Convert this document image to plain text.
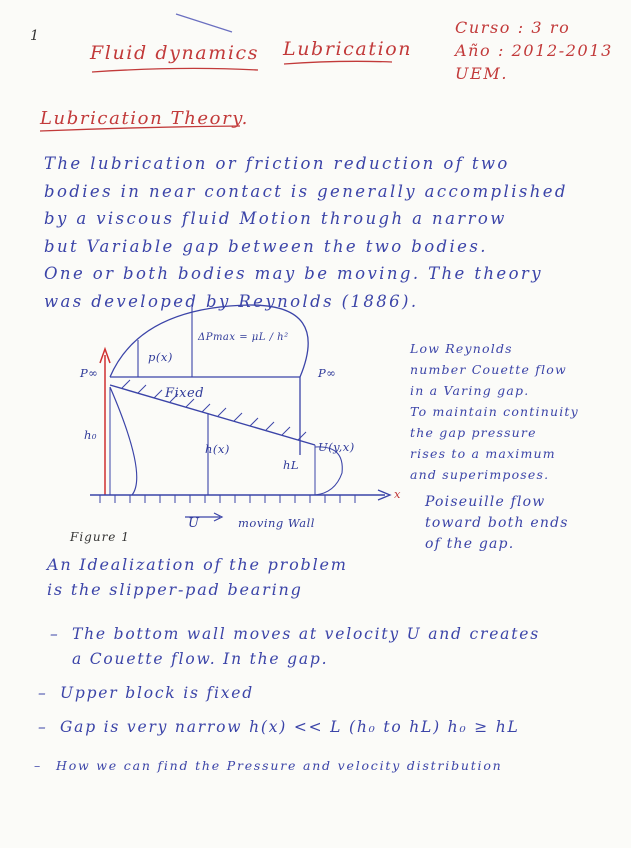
1
Fluid dynamics Lubrication
Curso : 3 ro
Año : 2012-2013
UEM.
Lubrication Theory.
The lubrication or friction reduction of two
bodies in near contact is generally accomplished
by a viscous fluid Motion through a narrow
but Variable gap between the two bodies.
One or both bodies may be moving. The theory
was developed by Reynolds (1886).
P∞	P∞
p(x)
ΔPmax = μL / h²
Fixed
h₀
h(x)
hL
U(y,x)
x
U	moving Wall
Low Reynolds
number Couette flow
in a Varing gap.
To maintain continuity
the gap pressure
rises to a maximum
and superimposes.
Poiseuille flow
toward both ends
of the gap.
Figure 1
An Idealization of the problem
is the slipper-pad bearing
– The bottom wall moves at velocity U and creates
a Couette flow. In the gap.
– Upper block is fixed
– Gap is very narrow h(x) << L (h₀ to hL) h₀ ≥ hL
– How we can find the Pressure and velocity distribution
